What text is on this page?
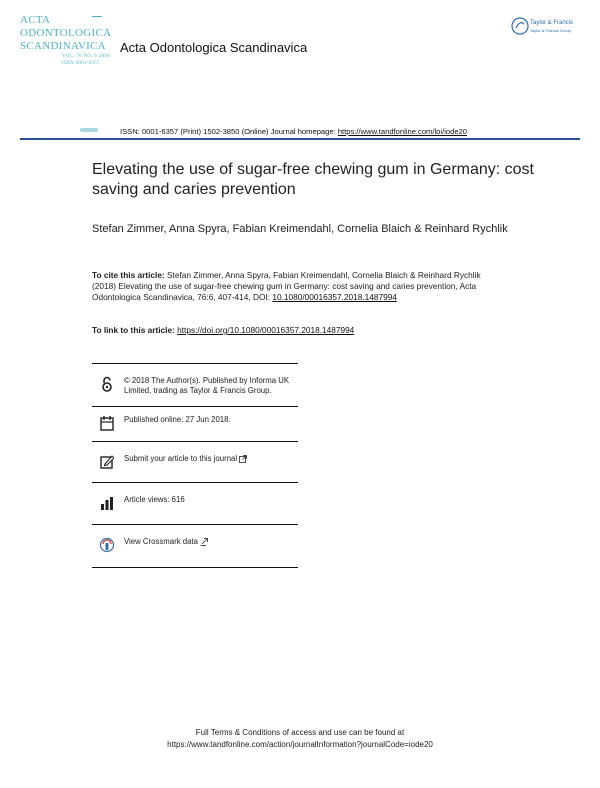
ACTA
ODONTOLOGICA
SCANDINAVICA
VOL. 76 NO. 6 2018
ISSN 0001-6357
Acta Odontologica Scandinavica
Taylor & Francis
Taylor & Francis Group
ISSN: 0001-6357 (Print) 1502-3850 (Online) Journal homepage: https://www.tandfonline.com/loi/iode20
Elevating the use of sugar-free chewing gum in Germany: cost saving and caries prevention
Stefan Zimmer, Anna Spyra, Fabian Kreimendahl, Cornelia Blaich & Reinhard Rychlik
To cite this article: Stefan Zimmer, Anna Spyra, Fabian Kreimendahl, Cornelia Blaich & Reinhard Rychlik (2018) Elevating the use of sugar-free chewing gum in Germany: cost saving and caries prevention, Acta Odontologica Scandinavica, 76:6, 407-414, DOI: 10.1080/00016357.2018.1487994
To link to this article: https://doi.org/10.1080/00016357.2018.1487994
© 2018 The Author(s). Published by Informa UK Limited, trading as Taylor & Francis Group.
Published online: 27 Jun 2018.
Submit your article to this journal
Article views: 616
View Crossmark data
Full Terms & Conditions of access and use can be found at
https://www.tandfonline.com/action/journalInformation?journalCode=iode20
